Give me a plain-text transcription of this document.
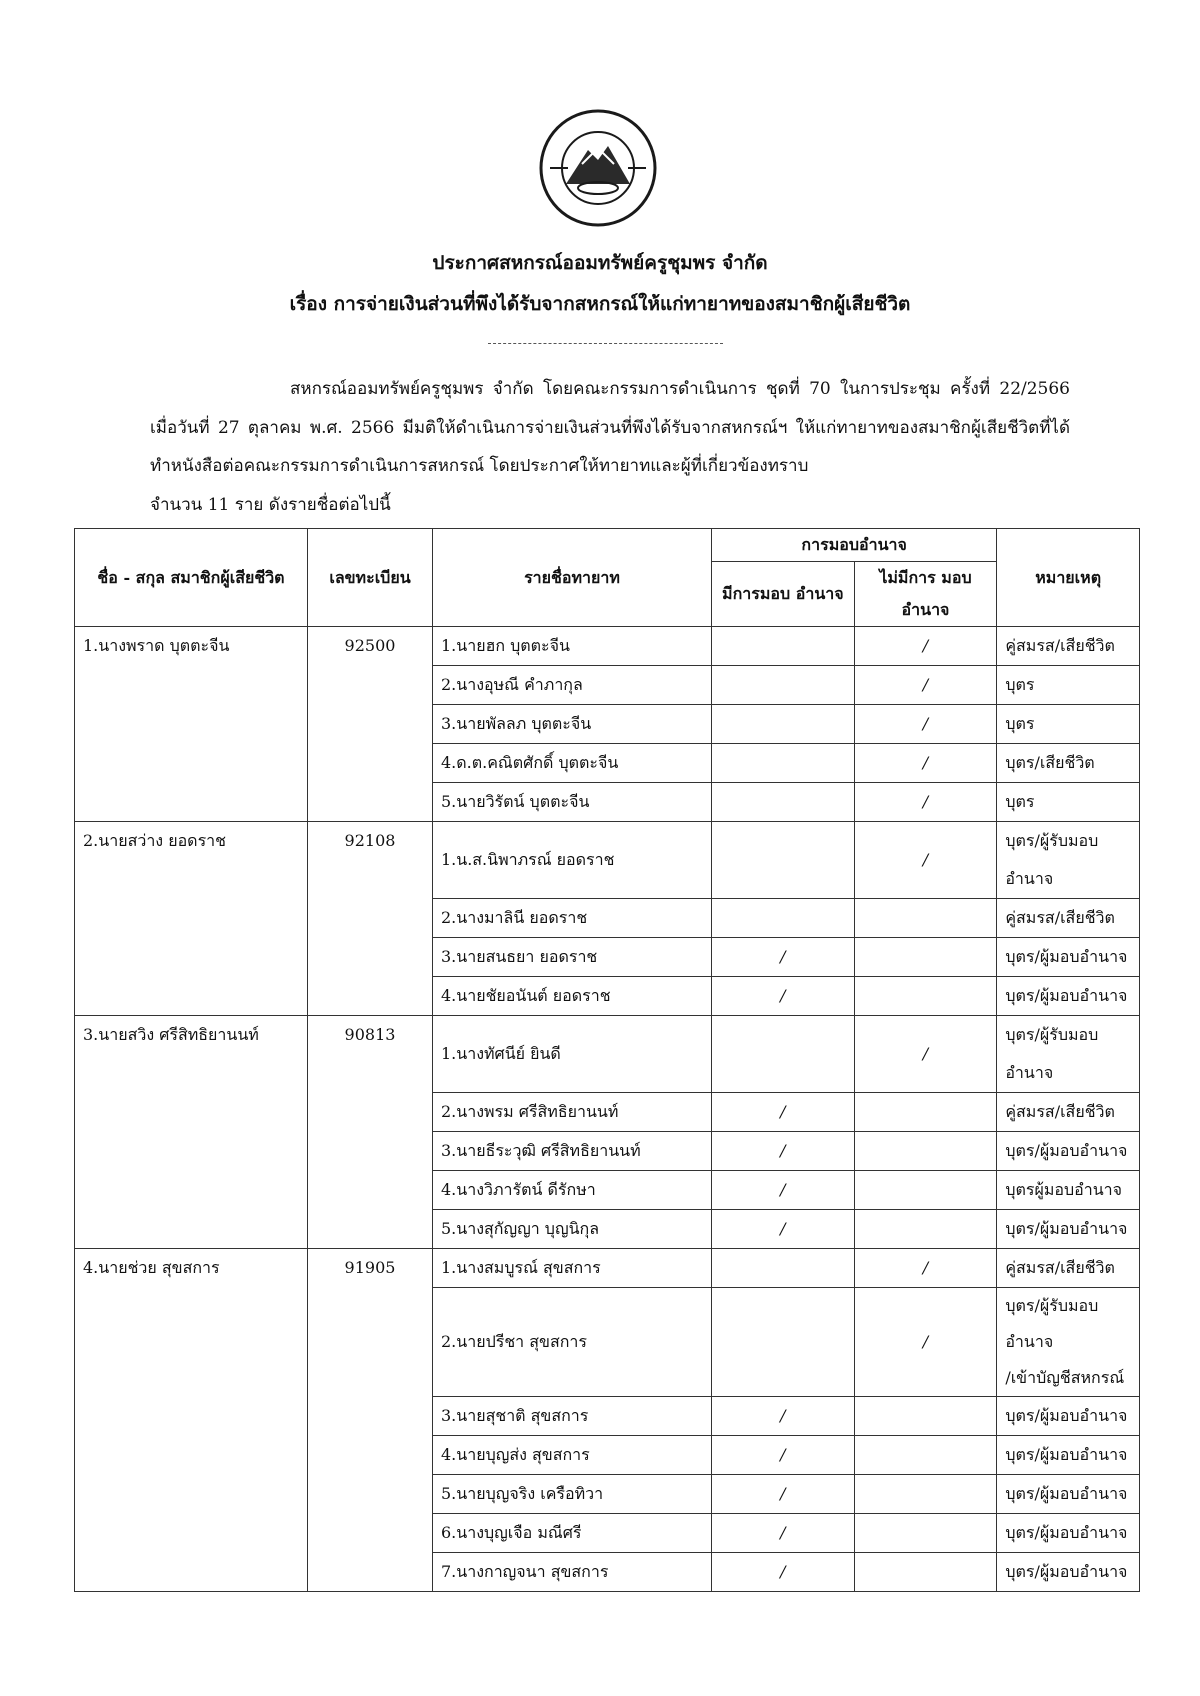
ประกาศสหกรณ์ออมทรัพย์ครูชุมพร จำกัด
เรื่อง การจ่ายเงินส่วนที่พึงได้รับจากสหกรณ์ให้แก่ทายาทของสมาชิกผู้เสียชีวิต
สหกรณ์ออมทรัพย์ครูชุมพร จำกัด โดยคณะกรรมการดำเนินการ ชุดที่ 70 ในการประชุม ครั้งที่ 22/2566 เมื่อวันที่ 27 ตุลาคม พ.ศ. 2566 มีมติให้ดำเนินการจ่ายเงินส่วนที่พึงได้รับจากสหกรณ์ฯ ให้แก่ทายาทของสมาชิกผู้เสียชีวิตที่ได้ทำหนังสือต่อคณะกรรมการดำเนินการสหกรณ์ โดยประกาศให้ทายาทและผู้ที่เกี่ยวข้องทราบ
จำนวน 11 ราย ดังรายชื่อต่อไปนี้
ชื่อ - สกุล สมาชิกผู้เสียชีวิต	เลขทะเบียน	รายชื่อทายาท	การมอบอำนาจ		หมายเหตุ
			มีการมอบ อำนาจ	ไม่มีการ มอบอำนาจ	
1.นางพราด บุตตะจีน	92500	1.นายฮก บุตตะจีน		/	คู่สมรส/เสียชีวิต
		2.นางอุษณี คำภากุล		/	บุตร
		3.นายพัลลภ บุตตะจีน		/	บุตร
		4.ด.ต.คณิตศักดิ์ บุตตะจีน		/	บุตร/เสียชีวิต
		5.นายวิรัตน์ บุตตะจีน		/	บุตร
2.นายสว่าง ยอดราช	92108	1.น.ส.นิพาภรณ์ ยอดราช		/	บุตร/ผู้รับมอบอำนาจ
		2.นางมาลินี ยอดราช			คู่สมรส/เสียชีวิต
		3.นายสนธยา ยอดราช	/		บุตร/ผู้มอบอำนาจ
		4.นายชัยอนันต์ ยอดราช	/		บุตร/ผู้มอบอำนาจ
3.นายสวิง ศรีสิทธิยานนท์	90813	1.นางทัศนีย์ ยินดี		/	บุตร/ผู้รับมอบอำนาจ
		2.นางพรม ศรีสิทธิยานนท์	/		คู่สมรส/เสียชีวิต
		3.นายธีระวุฒิ ศรีสิทธิยานนท์	/		บุตร/ผู้มอบอำนาจ
		4.นางวิภารัตน์ ดีรักษา	/		บุตรผู้มอบอำนาจ
		5.นางสุกัญญา บุญนิกุล	/		บุตร/ผู้มอบอำนาจ
4.นายช่วย สุขสการ	91905	1.นางสมบูรณ์ สุขสการ		/	คู่สมรส/เสียชีวิต
		2.นายปรีชา สุขสการ		/	บุตร/ผู้รับมอบอำนาจ
/เข้าบัญชีสหกรณ์

		3.นายสุชาติ สุขสการ	/		บุตร/ผู้มอบอำนาจ
		4.นายบุญส่ง สุขสการ	/		บุตร/ผู้มอบอำนาจ
		5.นายบุญจริง เครือทิวา	/		บุตร/ผู้มอบอำนาจ
		6.นางบุญเจือ มณีศรี	/		บุตร/ผู้มอบอำนาจ
		7.นางกาญจนา สุขสการ	/		บุตร/ผู้มอบอำนาจ
